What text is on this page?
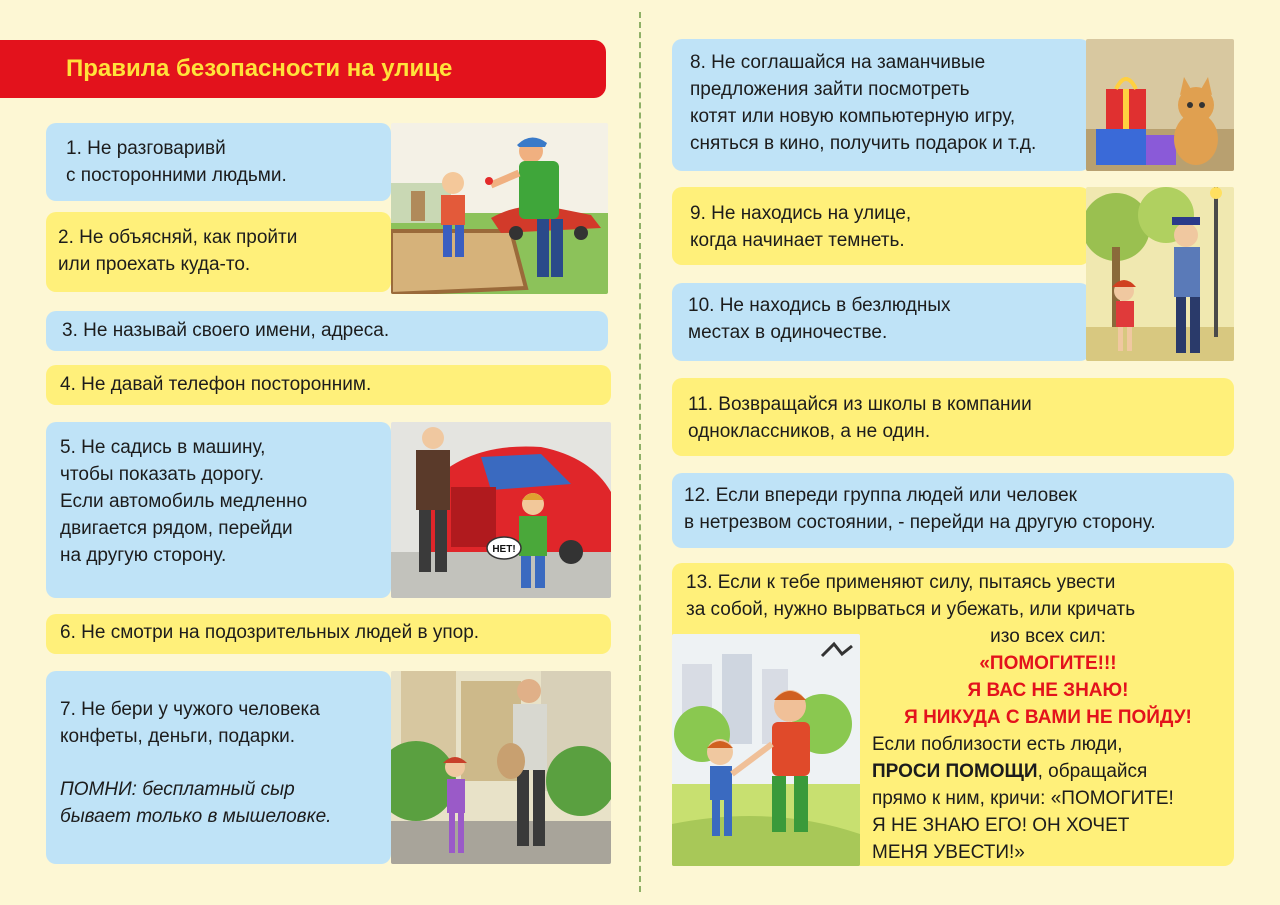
Правила безопасности на улице
1. Не разговаривй
с посторонними людьми.
2. Не объясняй, как пройти
или проехать куда-то.
3. Не называй своего имени, адреса.
4. Не давай телефон посторонним.
5. Не садись в машину,
чтобы показать дорогу.
Если автомобиль медленно
двигается рядом, перейди
на другую сторону.	НЕТ!
6. Не смотри на подозрительных людей в упор.
7. Не бери у чужого человека
конфеты, деньги, подарки.
ПОМНИ: бесплатный сыр
бывает только в мышеловке.
8. Не соглашайся на заманчивые
предложения зайти посмотреть
котят или новую компьютерную игру,
сняться в кино, получить подарок и т.д.
9. Не находись на улице,
когда начинает темнеть.
10. Не находись в безлюдных
местах в одиночестве.
11. Возвращайся из школы в компании
одноклассников, а не один.
12. Если впереди группа людей или человек
в нетрезвом состоянии, - перейди на другую сторону.
13. Если к тебе применяют силу, пытаясь увести
за собой, нужно вырваться и убежать, или кричать
изо всех сил:
«ПОМОГИТЕ!!!
Я ВАС НЕ ЗНАЮ!
Я НИКУДА С ВАМИ НЕ ПОЙДУ!
Если поблизости есть люди,
ПРОСИ ПОМОЩИ, обращайся
прямо к ним, кричи: «ПОМОГИТЕ!
Я НЕ ЗНАЮ ЕГО! ОН ХОЧЕТ
МЕНЯ УВЕСТИ!»
